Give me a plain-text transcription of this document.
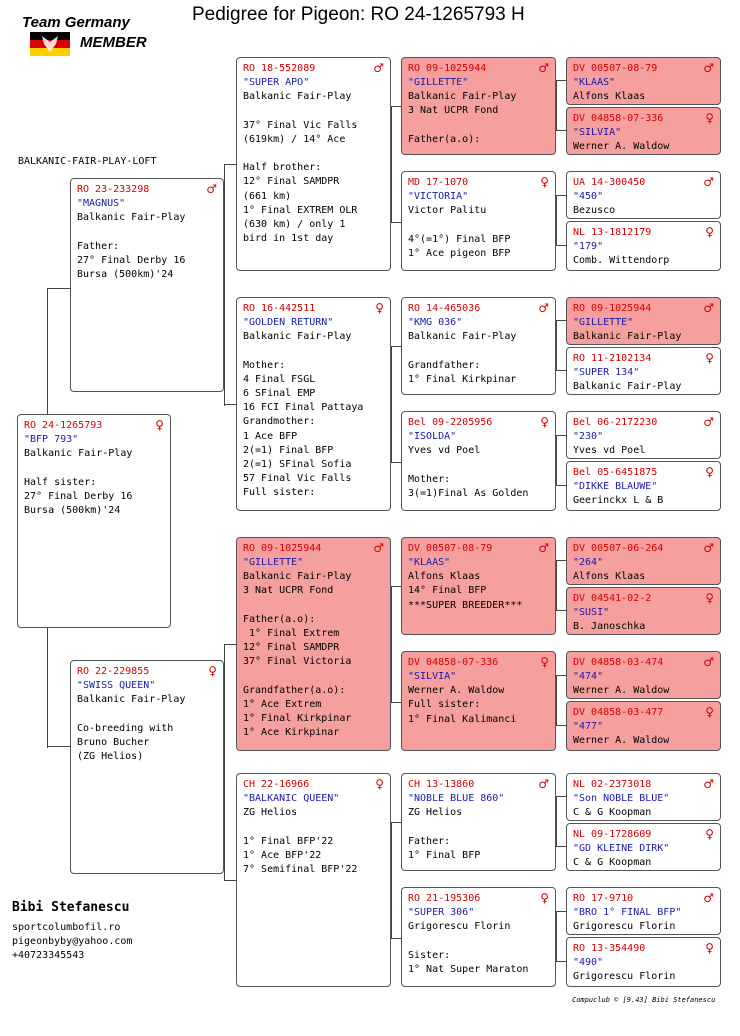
Team Germany
MEMBER
Pedigree for Pigeon: RO 24-1265793 H
BALKANIC-FAIR-PLAY-LOFT
RO 24-1265793	♀
"BFP 793"
Balkanic Fair-Play

Half sister:
27° Final Derby 16
Bursa (500km)'24
RO 23-233298	♂
"MAGNUS"
Balkanic Fair-Play

Father:
27° Final Derby 16
Bursa (500km)'24
RO 22-229855	♀
"SWISS QUEEN"
Balkanic Fair-Play

Co-breeding with
Bruno Bucher
(ZG Helios)
RO 18-552089	♂
"SUPER APO"
Balkanic Fair-Play

37° Final Vic Falls
(619km) / 14° Ace

Half brother:
12° Final SAMDPR
(661 km)
1° Final EXTREM OLR
(630 km) / only 1
bird in 1st day
RO 16-442511	♀
"GOLDEN RETURN"
Balkanic Fair-Play

Mother:
4 Final FSGL
6 SFinal EMP
16 FCI Final Pattaya
Grandmother:
1 Ace BFP
2(=1) Final BFP
2(=1) SFinal Sofia
57 Final Vic Falls
Full sister:
RO 09-1025944	♂
"GILLETTE"
Balkanic Fair-Play
3 Nat UCPR Fond

Father(a.o):
1° Final Extrem
12° Final SAMDPR
37° Final Victoria

Grandfather(a.o):
1° Ace Extrem
1° Final Kirkpinar
1° Ace Kirkpinar
CH 22-16966	♀
"BALKANIC QUEEN"
ZG Helios

1° Final BFP'22
1° Ace BFP'22
7° Semifinal BFP'22
RO 09-1025944	♂
"GILLETTE"
Balkanic Fair-Play
3 Nat UCPR Fond

Father(a.o):
MD 17-1070	♀
"VICTORIA"
Victor Palitu

4°(=1°) Final BFP
1° Ace pigeon BFP
RO 14-465036	♂
"KMG 036"
Balkanic Fair-Play

Grandfather:
1° Final Kirkpinar
Bel 09-2205956	♀
"ISOLDA"
Yves vd Poel

Mother:
3(=1)Final As Golden
DV 00507-08-79	♂
"KLAAS"
Alfons Klaas
14° Final BFP
***SUPER BREEDER***
DV 04858-07-336	♀
"SILVIA"
Werner A. Waldow
Full sister:
1° Final Kalimanci
CH 13-13860	♂
"NOBLE BLUE 860"
ZG Helios

Father:
1° Final BFP
RO 21-195306	♀
"SUPER 306"
Grigorescu Florin

Sister:
1° Nat Super Maraton
DV 00507-08-79	♂
"KLAAS"
Alfons Klaas
DV 04858-07-336	♀
"SILVIA"
Werner A. Waldow
UA 14-300450	♂
"450"
Bezusco
NL 13-1812179	♀
"179"
Comb. Wittendorp
RO 09-1025944	♂
"GILLETTE"
Balkanic Fair-Play
RO 11-2102134	♀
"SUPER 134"
Balkanic Fair-Play
Bel 06-2172230	♂
"230"
Yves vd Poel
Bel 05-6451875	♀
"DIKKE BLAUWE"
Geerinckx L & B
DV 00507-06-264	♂
"264"
Alfons Klaas
DV 04541-02-2	♀
"SUSI"
B. Janoschka
DV 04858-03-474	♂
"474"
Werner A. Waldow
DV 04858-03-477	♀
"477"
Werner A. Waldow
NL 02-2373018	♂
"Son NOBLE BLUE"
C & G Koopman
NL 09-1728609	♀
"GD KLEINE DIRK"
C & G Koopman
RO 17-9710	♂
"BRO 1° FINAL BFP"
Grigorescu Florin
RO 13-354490	♀
"490"
Grigorescu Florin
Bibi Stefanescu
sportcolumbofil.ro
pigeonbyby@yahoo.com
+40723345543
Compuclub © [9.43] Bibi Stefanescu
